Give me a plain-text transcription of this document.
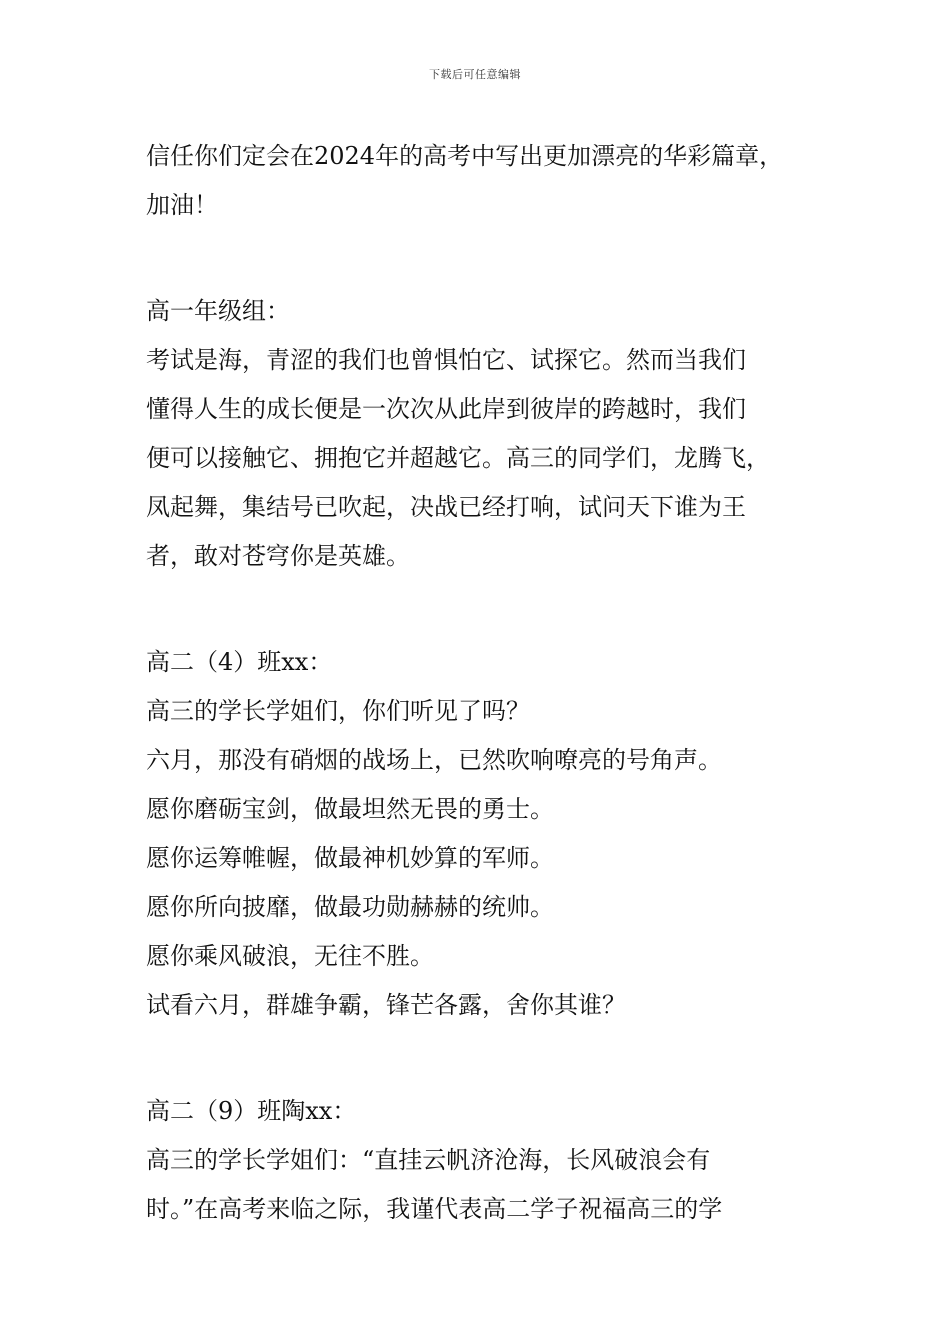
下载后可任意编辑
信任你们定会在2024年的高考中写出更加漂亮的华彩篇章，
加油！
高一年级组：
考试是海，青涩的我们也曾惧怕它、试探它。然而当我们
懂得人生的成长便是一次次从此岸到彼岸的跨越时，我们
便可以接触它、拥抱它并超越它。高三的同学们，龙腾飞，
凤起舞，集结号已吹起，决战已经打响，试问天下谁为王
者，敢对苍穹你是英雄。
高二（4）班xx：
高三的学长学姐们，你们听见了吗？
六月，那没有硝烟的战场上，已然吹响嘹亮的号角声。
愿你磨砺宝剑，做最坦然无畏的勇士。
愿你运筹帷幄，做最神机妙算的军师。
愿你所向披靡，做最功勋赫赫的统帅。
愿你乘风破浪，无往不胜。
试看六月，群雄争霸，锋芒各露，舍你其谁？
高二（9）班陶xx：
高三的学长学姐们：“直挂云帆济沧海，长风破浪会有
时。”在高考来临之际，我谨代表高二学子祝福高三的学
